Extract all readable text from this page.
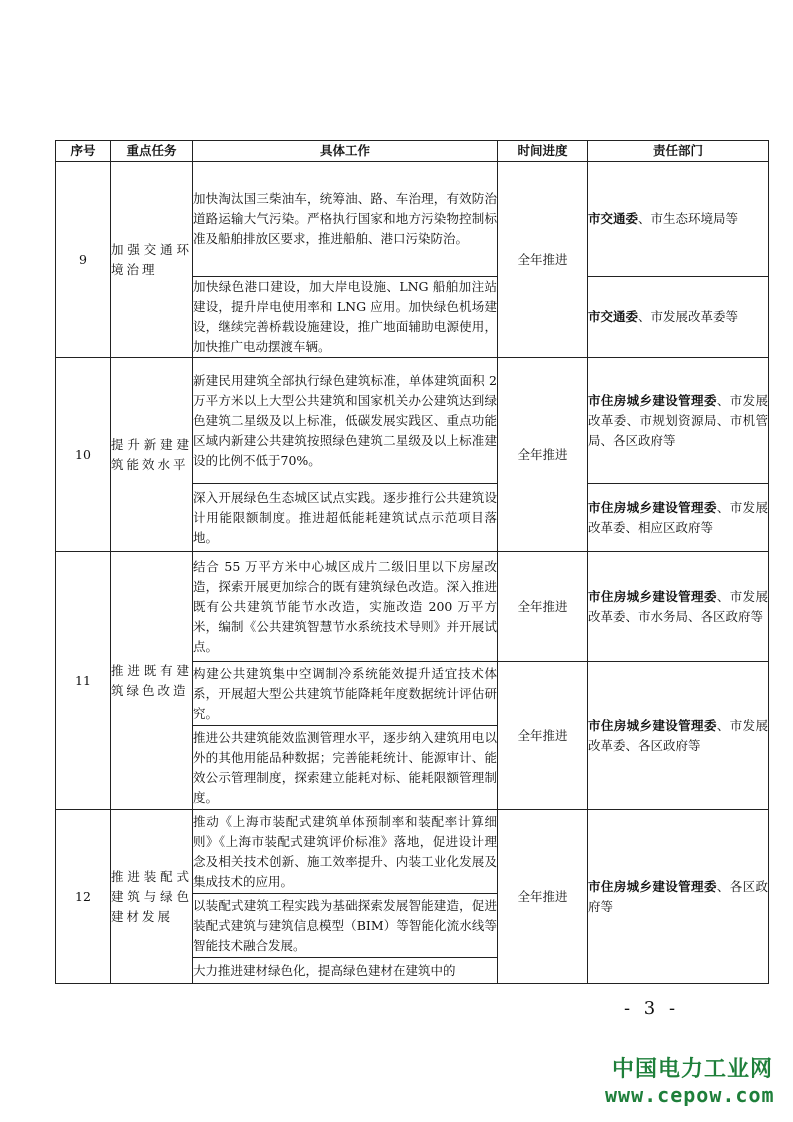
序号	重点任务	具体工作	时间进度	责任部门
9	加强交通环境治理	加快淘汰国三柴油车，统筹油、路、车治理，有效防治道路运输大气污染。严格执行国家和地方污染物控制标准及船舶排放区要求，推进船舶、港口污染防治。	全年推进	市交通委、市生态环境局等
		加快绿色港口建设，加大岸电设施、LNG 船舶加注站建设，提升岸电使用率和 LNG 应用。加快绿色机场建设，继续完善桥载设施建设，推广地面辅助电源使用，加快推广电动摆渡车辆。		市交通委、市发展改革委等
10	提升新建建筑能效水平	新建民用建筑全部执行绿色建筑标准，单体建筑面积 2 万平方米以上大型公共建筑和国家机关办公建筑达到绿色建筑二星级及以上标准，低碳发展实践区、重点功能区域内新建公共建筑按照绿色建筑二星级及以上标准建设的比例不低于70%。	全年推进	市住房城乡建设管理委、市发展改革委、市规划资源局、市机管局、各区政府等
		深入开展绿色生态城区试点实践。逐步推行公共建筑设计用能限额制度。推进超低能耗建筑试点示范项目落地。		市住房城乡建设管理委、市发展改革委、相应区政府等
11	推进既有建筑绿色改造	结合 55 万平方米中心城区成片二级旧里以下房屋改造，探索开展更加综合的既有建筑绿色改造。深入推进既有公共建筑节能节水改造，实施改造 200 万平方米，编制《公共建筑智慧节水系统技术导则》并开展试点。	全年推进	市住房城乡建设管理委、市发展改革委、市水务局、各区政府等
		构建公共建筑集中空调制冷系统能效提升适宜技术体系，开展超大型公共建筑节能降耗年度数据统计评估研究。	全年推进	市住房城乡建设管理委、市发展改革委、各区政府等
		推进公共建筑能效监测管理水平，逐步纳入建筑用电以外的其他用能品种数据；完善能耗统计、能源审计、能效公示管理制度，探索建立能耗对标、能耗限额管理制度。		
12	推进装配式建筑与绿色建材发展	推动《上海市装配式建筑单体预制率和装配率计算细则》《上海市装配式建筑评价标准》落地，促进设计理念及相关技术创新、施工效率提升、内装工业化发展及集成技术的应用。	全年推进	市住房城乡建设管理委、各区政府等
		以装配式建筑工程实践为基础探索发展智能建造，促进装配式建筑与建筑信息模型（BIM）等智能化流水线等智能技术融合发展。		
		大力推进建材绿色化，提高绿色建材在建筑中的		
- 3 -
中国电力工业网
www.cepow.com
